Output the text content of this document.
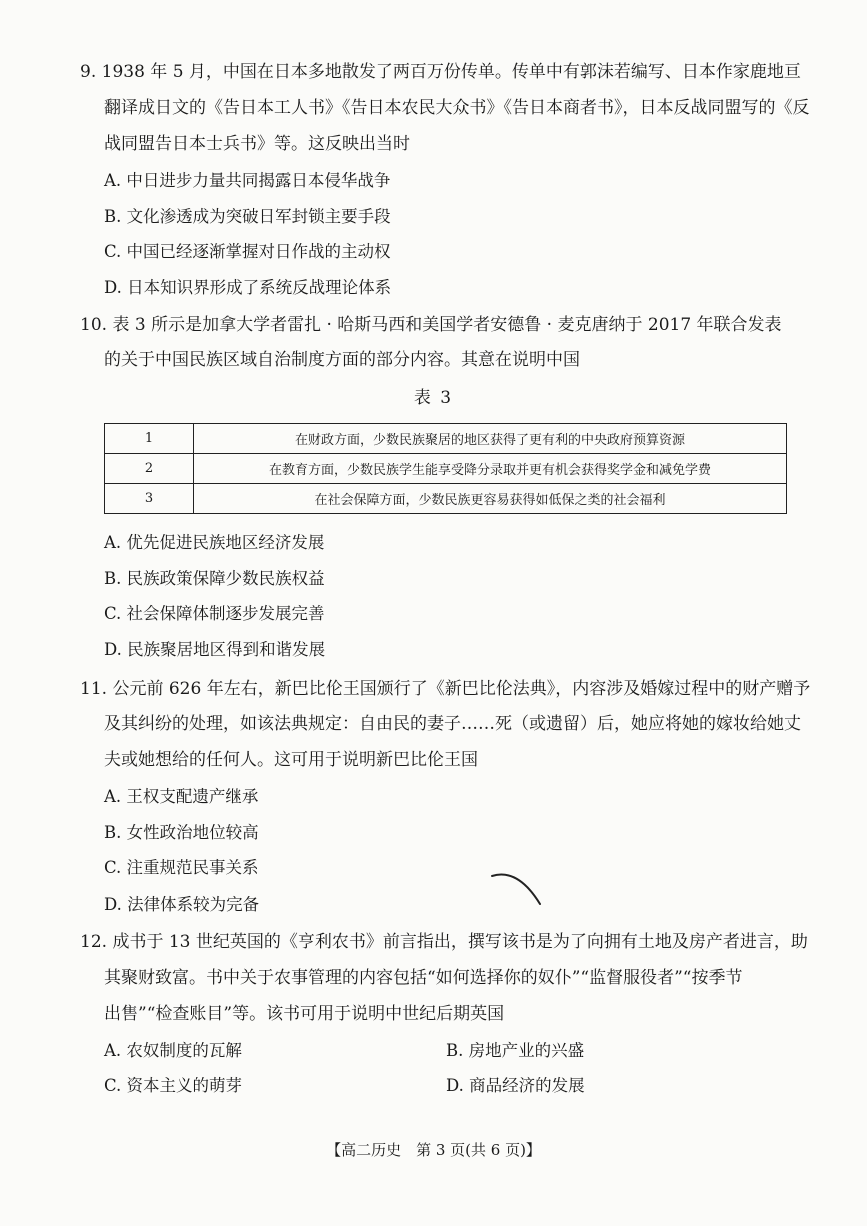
9. 1938 年 5 月，中国在日本多地散发了两百万份传单。传单中有郭沫若编写、日本作家鹿地亘
翻译成日文的《告日本工人书》《告日本农民大众书》《告日本商者书》，日本反战同盟写的《反
战同盟告日本士兵书》等。这反映出当时
A. 中日进步力量共同揭露日本侵华战争
B. 文化渗透成为突破日军封锁主要手段
C. 中国已经逐渐掌握对日作战的主动权
D. 日本知识界形成了系统反战理论体系
10. 表 3 所示是加拿大学者雷扎 · 哈斯马西和美国学者安德鲁 · 麦克唐纳于 2017 年联合发表
的关于中国民族区域自治制度方面的部分内容。其意在说明中国
表 3
1	在财政方面，少数民族聚居的地区获得了更有利的中央政府预算资源
2	在教育方面，少数民族学生能享受降分录取并更有机会获得奖学金和减免学费
3	在社会保障方面，少数民族更容易获得如低保之类的社会福利
A. 优先促进民族地区经济发展
B. 民族政策保障少数民族权益
C. 社会保障体制逐步发展完善
D. 民族聚居地区得到和谐发展
11. 公元前 626 年左右，新巴比伦王国颁行了《新巴比伦法典》，内容涉及婚嫁过程中的财产赠予
及其纠纷的处理，如该法典规定：自由民的妻子……死（或遗留）后，她应将她的嫁妆给她丈
夫或她想给的任何人。这可用于说明新巴比伦王国
A. 王权支配遗产继承
B. 女性政治地位较高
C. 注重规范民事关系
D. 法律体系较为完备
12. 成书于 13 世纪英国的《亨利农书》前言指出，撰写该书是为了向拥有土地及房产者进言，助
其聚财致富。书中关于农事管理的内容包括“如何选择你的奴仆”“监督服役者”“按季节
出售”“检查账目”等。该书可用于说明中世纪后期英国
A. 农奴制度的瓦解	B. 房地产业的兴盛
C. 资本主义的萌芽	D. 商品经济的发展
【高二历史　第 3 页(共 6 页)】
